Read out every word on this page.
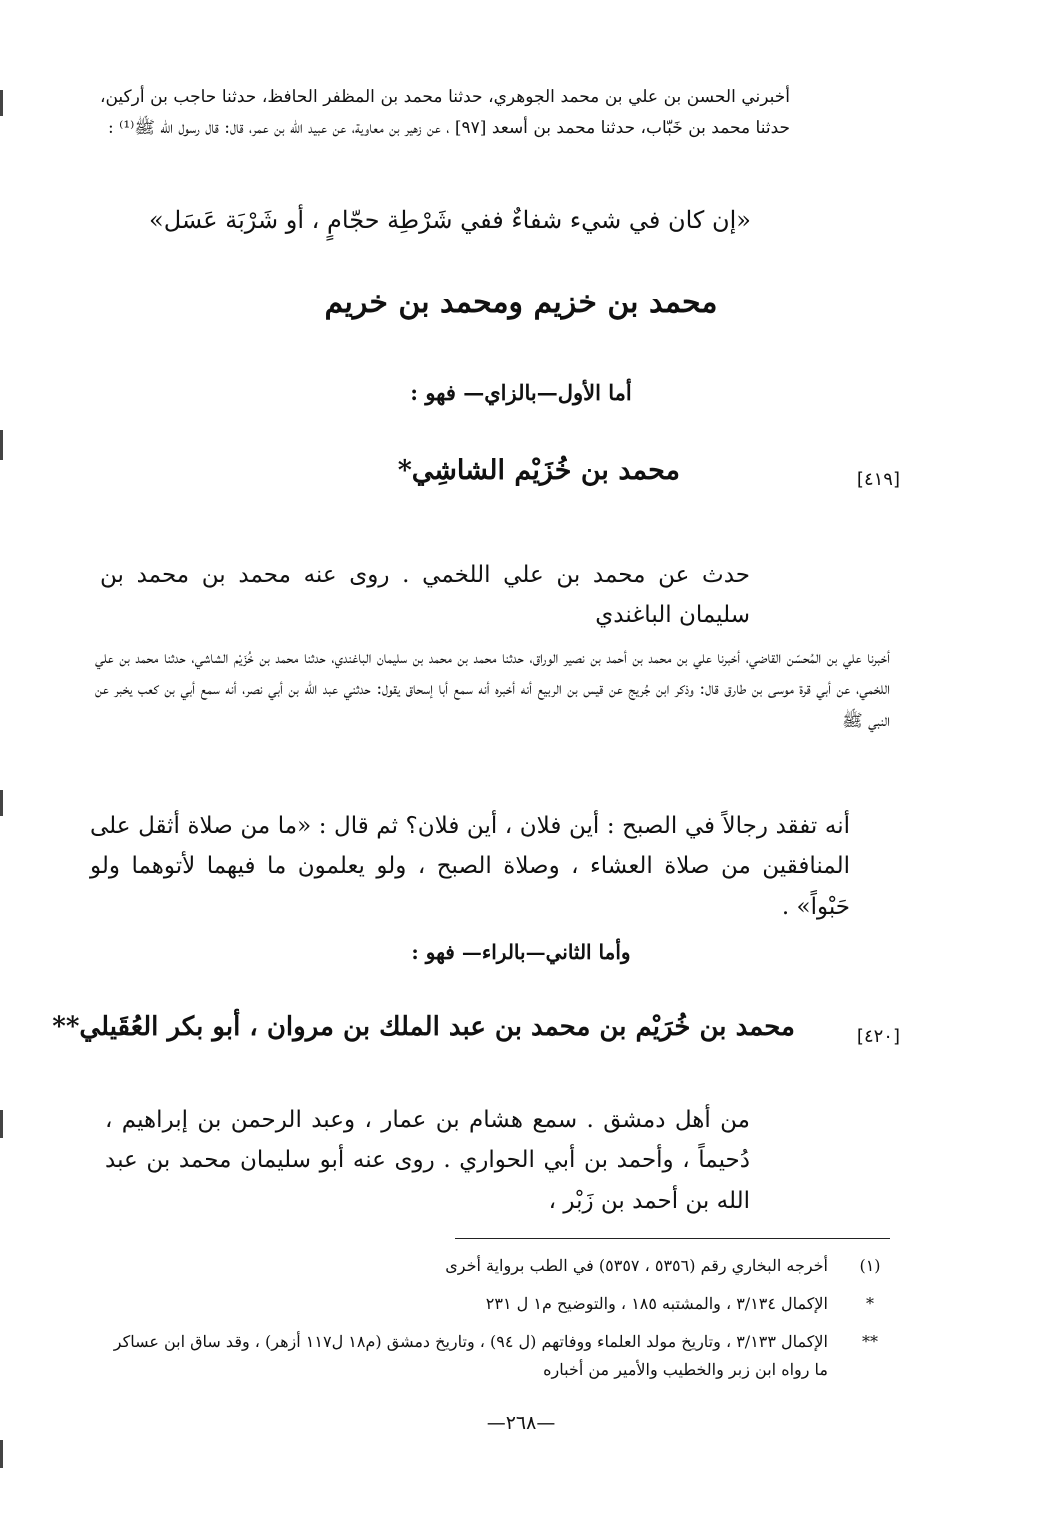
أخبرني الحسن بن علي بن محمد الجوهري، حدثنا محمد بن المظفر الحافظ، حدثنا حاجب بن أركين، حدثنا محمد بن خَبّاب، حدثنا محمد بن أسعد [٩٧] ، عن زهير بن معاوية، عن عبيد الله بن عمر، قال: قال رسول الله ﷺ⁽¹⁾ :
«إن كان في شيء شفاءٌ ففي شَرْطِة حجّامٍ ، أو شَرْبَة عَسَل»
محمد بن خزيم ومحمد بن خريم
أما الأول—بالزاي— فهو :
[٤١٩]
محمد بن خُزَيْم الشاشِي*
حدث عن محمد بن علي اللخمي . روى عنه محمد بن محمد بن سليمان الباغندي
أخبرنا علي بن المُحسّن القاضي، أخبرنا علي بن محمد بن أحمد بن نصير الوراق، حدثنا محمد بن محمد بن سليمان الباغندي، حدثنا محمد بن خُزَيْم الشاشي، حدثنا محمد بن علي اللخمي، عن أبي قرة موسى بن طارق قال: وذكر ابن جُريج عن قيس بن الربيع أنه أخبره أنه سمع أبا إسحاق يقول: حدثني عبد الله بن أبي نصر، أنه سمع أبي بن كعب يخبر عن النبي ﷺ
أنه تفقد رجالاً في الصبح : أين فلان ، أين فلان؟ ثم قال : «ما من صلاة أثقل على المنافقين من صلاة العشاء ، وصلاة الصبح ، ولو يعلمون ما فيهما لأتوهما ولو حَبْواً» .
وأما الثاني—بالراء— فهو :
[٤٢٠]
محمد بن خُرَيْم بن محمد بن عبد الملك بن مروان ، أبو بكر العُقَيلي**
من أهل دمشق . سمع هشام بن عمار ، وعبد الرحمن بن إبراهيم ، دُحيماً ، وأحمد بن أبي الحواري . روى عنه أبو سليمان محمد بن عبد الله بن أحمد بن زَبْر ،
(١)
أخرجه البخاري رقم (٥٣٥٦ ، ٥٣٥٧) في الطب برواية أخرى
*
الإكمال ٣/١٣٤ ، والمشتبه ١٨٥ ، والتوضيح م١ ل ٢٣١
**
الإكمال ٣/١٣٣ ، وتاريخ مولد العلماء ووفاتهم (ل ٩٤) ، وتاريخ دمشق (م١٨ ل١١٧ أزهر) ، وقد ساق ابن عساكر ما رواه ابن زبر والخطيب والأمير من أخباره
—٢٦٨—
